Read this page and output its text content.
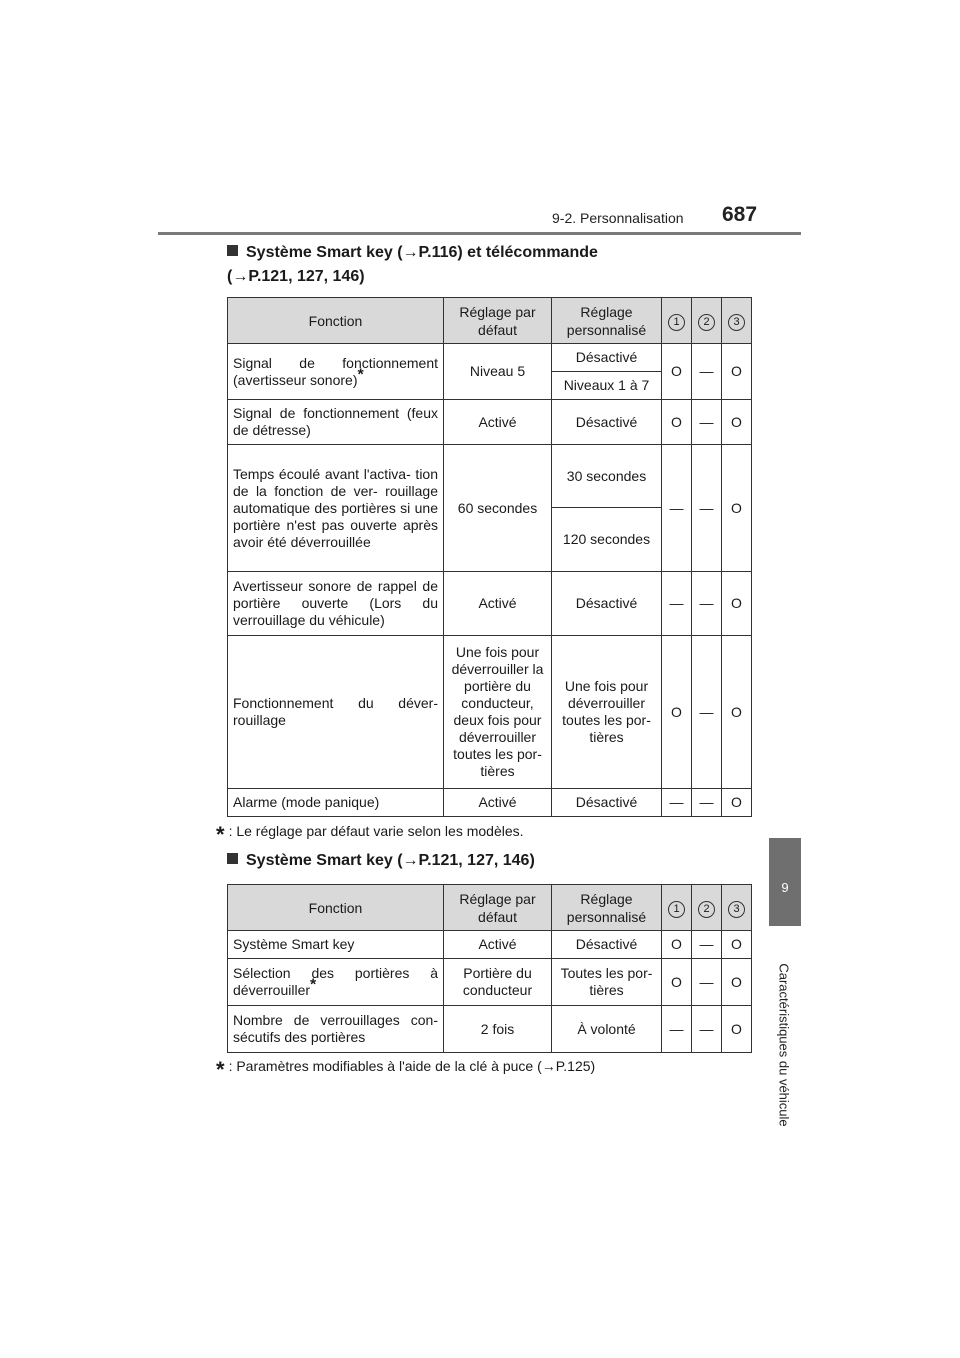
9-2. Personnalisation 687
9
Caractéristiques du véhicule
Système Smart key (→P.116) et télécommande
(→P.121, 127, 146)
Fonction	Réglage par défaut	Réglage personnalisé	1	2	3
Signal de fonctionnement (avertisseur sonore)*	Niveau 5	Désactivé	O	—	O
		Niveaux 1 à 7			
Signal de fonctionnement (feux de détresse)	Activé	Désactivé	O	—	O
Temps écoulé avant l'activa- tion de la fonction de ver- rouillage automatique des portières si une portière n'est pas ouverte après avoir été déverrouillée	60 secondes	30 secondes	—	—	O
		120 secondes			
Avertisseur sonore de rappel de portière ouverte (Lors du verrouillage du véhicule)	Activé	Désactivé	—	—	O
Fonctionnement du déver- rouillage	Une fois pour déverrouiller la portière du conducteur, deux fois pour déverrouiller toutes les por- tières	Une fois pour déverrouiller toutes les por- tières	O	—	O
Alarme (mode panique)	Activé	Désactivé	—	—	O
* : Le réglage par défaut varie selon les modèles.
Système Smart key (→P.121, 127, 146)
Fonction	Réglage par défaut	Réglage personnalisé	1	2	3
Système Smart key	Activé	Désactivé	O	—	O
Sélection des portières à déverrouiller*	Portière du conducteur	Toutes les por- tières	O	—	O
Nombre de verrouillages con- sécutifs des portières	2 fois	À volonté	—	—	O
* : Paramètres modifiables à l'aide de la clé à puce (→P.125)
